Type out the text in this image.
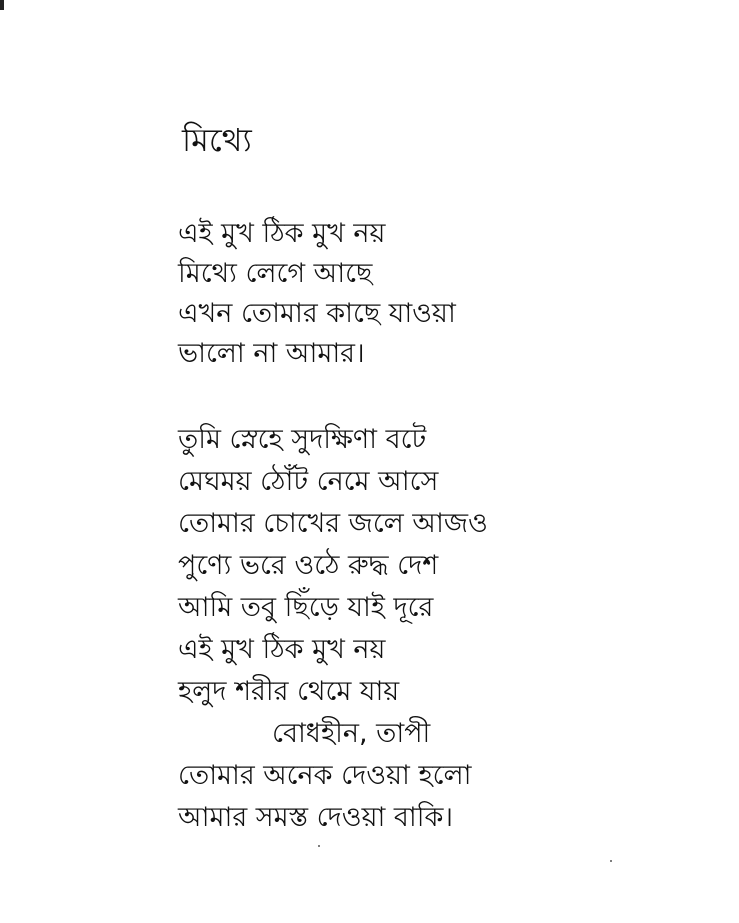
মিথ্যে
এই মুখ ঠিক মুখ নয়
মিথ্যে লেগে আছে
এখন তোমার কাছে যাওয়া
ভালো না আমার।
তুমি স্নেহে সুদক্ষিণা বটে
মেঘময় ঠোঁট নেমে আসে
তোমার চোখের জলে আজও
পুণ্যে ভরে ওঠে রুদ্ধ দেশ
আমি তবু ছিঁড়ে যাই দূরে
এই মুখ ঠিক মুখ নয়
হলুদ শরীর থেমে যায়
বোধহীন, তাপী
তোমার অনেক দেওয়া হলো
আমার সমস্ত দেওয়া বাকি।
